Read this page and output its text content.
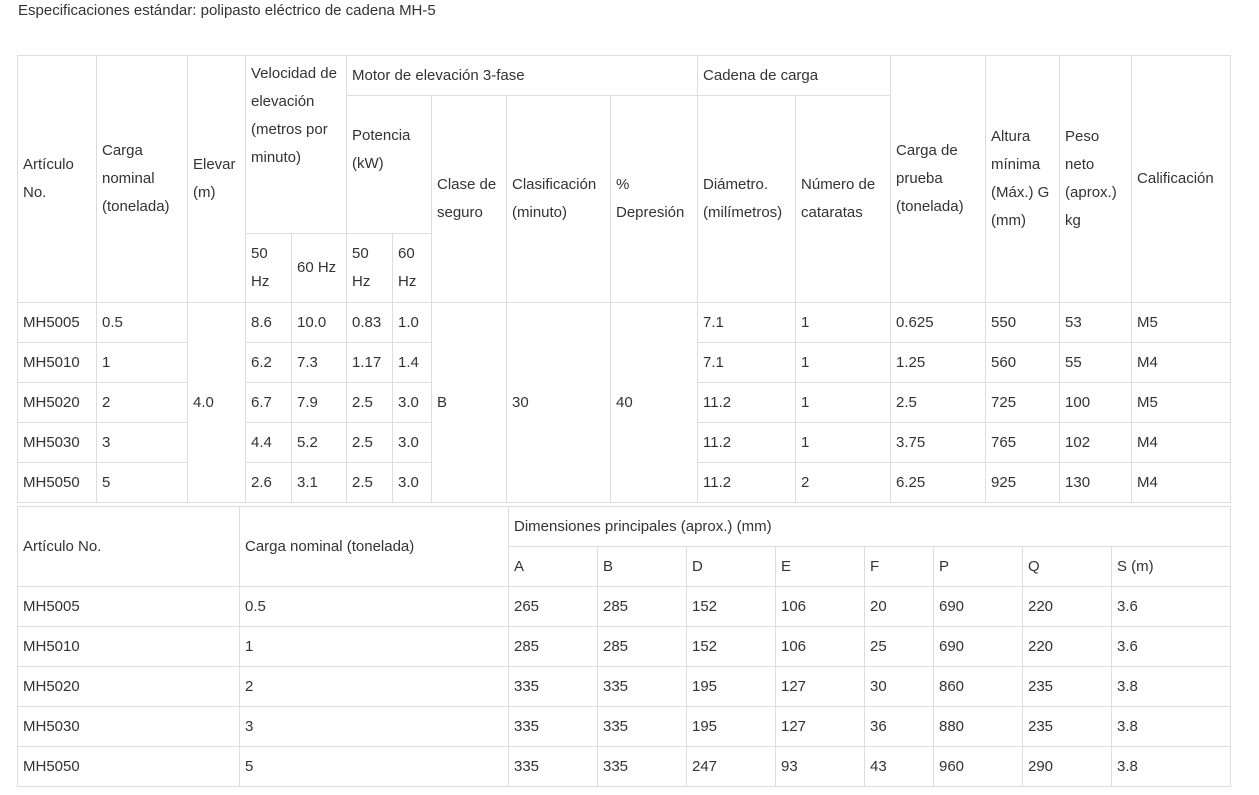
Especificaciones estándar: polipasto eléctrico de cadena MH-5
Artículo No.	Carga nominal (tonelada)	Elevar (m)	Velocidad de elevación (metros por minuto)		Motor de elevación 3-fase					Cadena de carga		Carga de prueba (tonelada)	Altura mínima (Máx.) G (mm)	Peso neto (aprox.) kg	Calificación
					Potencia (kW)		Clase de seguro	Clasificación (minuto)	% Depresión	Diámetro. (milímetros)	Número de cataratas				
			50 Hz	60 Hz	50 Hz	60 Hz									
MH5005	0.5	4.0	8.6	10.0	0.83	1.0	B	30	40	7.1	1	0.625	550	53	M5
MH5010	1		6.2	7.3	1.17	1.4				7.1	1	1.25	560	55	M4
MH5020	2		6.7	7.9	2.5	3.0				11.2	1	2.5	725	100	M5
MH5030	3		4.4	5.2	2.5	3.0				11.2	1	3.75	765	102	M4
MH5050	5		2.6	3.1	2.5	3.0				11.2	2	6.25	925	130	M4
Artículo No.	Carga nominal (tonelada)	Dimensiones principales (aprox.) (mm)							
		A	B	D	E	F	P	Q	S (m)
MH5005	0.5	265	285	152	106	20	690	220	3.6
MH5010	1	285	285	152	106	25	690	220	3.6
MH5020	2	335	335	195	127	30	860	235	3.8
MH5030	3	335	335	195	127	36	880	235	3.8
MH5050	5	335	335	247	93	43	960	290	3.8
